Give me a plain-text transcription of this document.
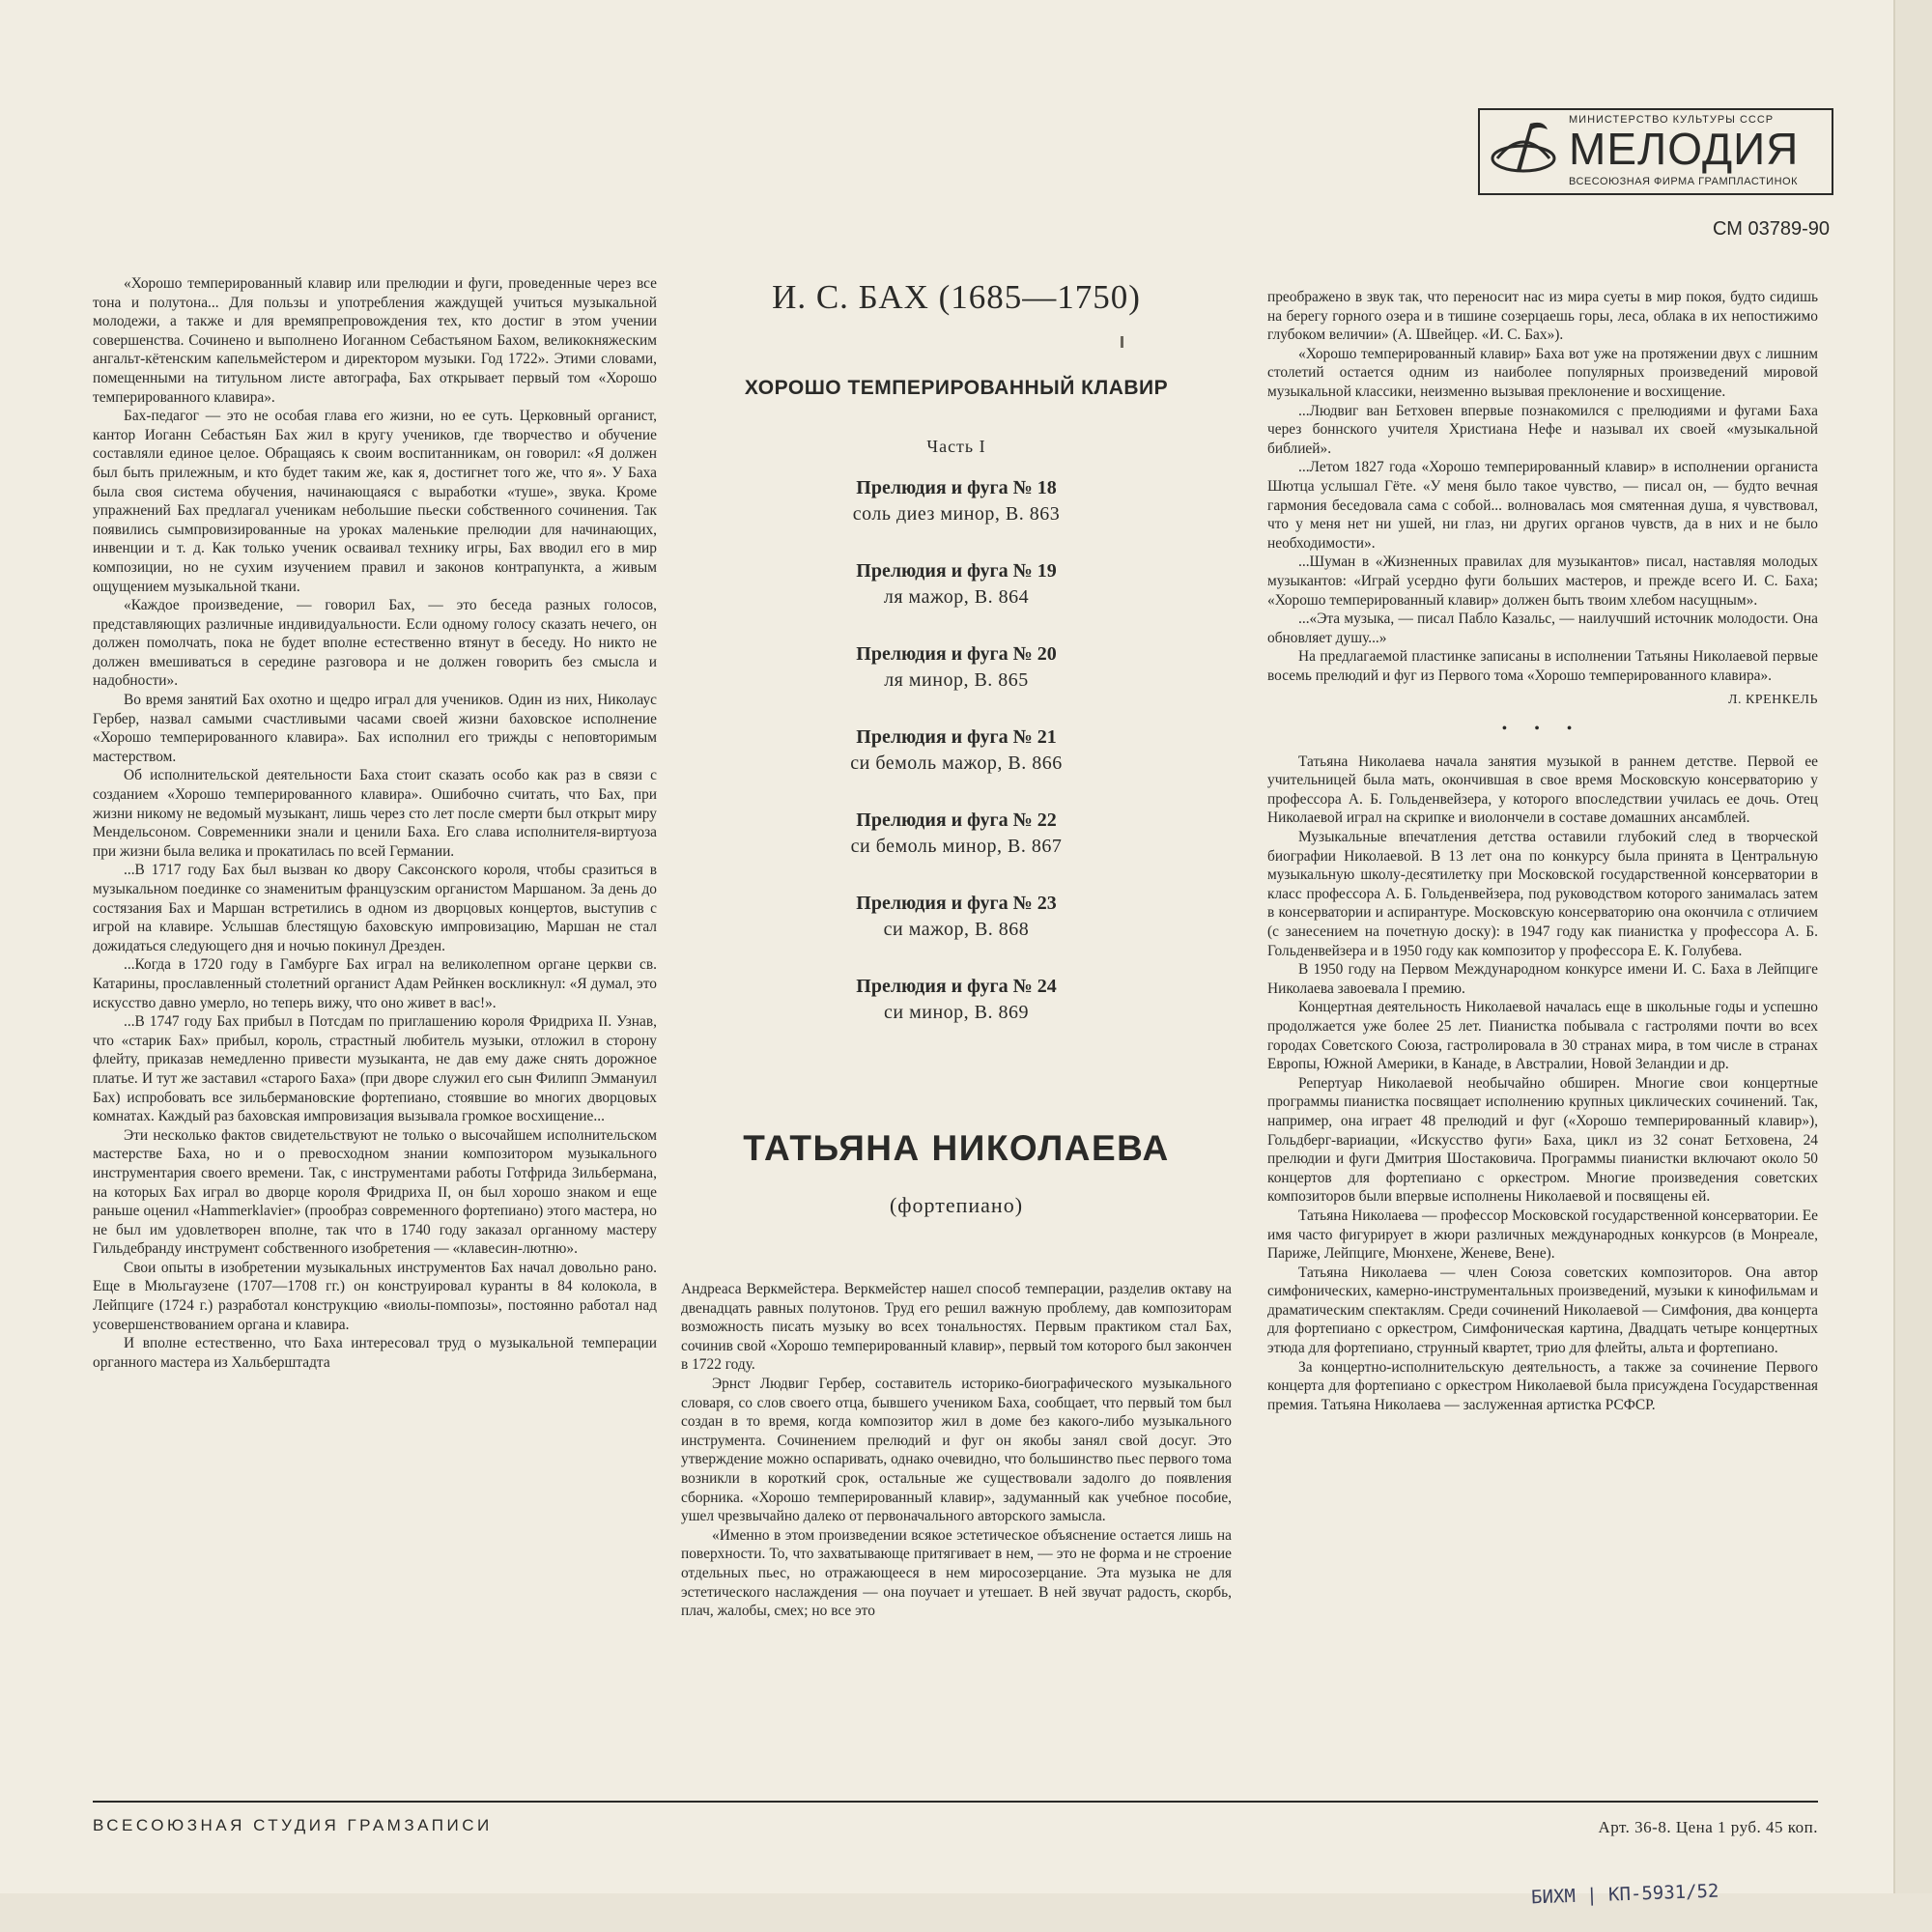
МИНИСТЕРСТВО КУЛЬТУРЫ СССР
МЕЛОДИЯ
ВСЕСОЮЗНАЯ ФИРМА ГРАМПЛАСТИНОК
СМ 03789-90

«Хорошо темперированный клавир или прелюдии и фуги, проведенные через все тона и полутона... Для пользы и употребления жаждущей учиться музыкальной молодежи, а также и для времяпрепровождения тех, кто достиг в этом учении совершенства. Сочинено и выполнено Иоганном Себастьяном Бахом, великокняжеским ангальт-кётенским капельмейстером и директором музыки. Год 1722». Этими словами, помещенными на титульном листе автографа, Бах открывает первый том «Хорошо темперированного клавира».

Бах-педагог — это не особая глава его жизни, но ее суть. Церковный органист, кантор Иоганн Себастьян Бах жил в кругу учеников, где творчество и обучение составляли единое целое. Обращаясь к своим воспитанникам, он говорил: «Я должен был быть прилежным, и кто будет таким же, как я, достигнет того же, что я». У Баха была своя система обучения, начинающаяся с выработки «туше», звука. Кроме упражнений Бах предлагал ученикам небольшие пьески собственного сочинения. Так появились сымпровизированные на уроках маленькие прелюдии для начинающих, инвенции и т. д. Как только ученик осваивал технику игры, Бах вводил его в мир композиции, но не сухим изучением правил и законов контрапункта, а живым ощущением музыкальной ткани.

«Каждое произведение, — говорил Бах, — это беседа разных голосов, представляющих различные индивидуальности. Если одному голосу сказать нечего, он должен помолчать, пока не будет вполне естественно втянут в беседу. Но никто не должен вмешиваться в середине разговора и не должен говорить без смысла и надобности».

Во время занятий Бах охотно и щедро играл для учеников. Один из них, Николаус Гербер, назвал самыми счастливыми часами своей жизни баховское исполнение «Хорошо темперированного клавира». Бах исполнил его трижды с неповторимым мастерством.

Об исполнительской деятельности Баха стоит сказать особо как раз в связи с созданием «Хорошо темперированного клавира». Ошибочно считать, что Бах, при жизни никому не ведомый музыкант, лишь через сто лет после смерти был открыт миру Мендельсоном. Современники знали и ценили Баха. Его слава исполнителя-виртуоза при жизни была велика и прокатилась по всей Германии.

...В 1717 году Бах был вызван ко двору Саксонского короля, чтобы сразиться в музыкальном поединке со знаменитым французским органистом Маршаном. За день до состязания Бах и Маршан встретились в одном из дворцовых концертов, выступив с игрой на клавире. Услышав блестящую баховскую импровизацию, Маршан не стал дожидаться следующего дня и ночью покинул Дрезден.

...Когда в 1720 году в Гамбурге Бах играл на великолепном органе церкви св. Катарины, прославленный столетний органист Адам Рейнкен воскликнул: «Я думал, это искусство давно умерло, но теперь вижу, что оно живет в вас!».

...В 1747 году Бах прибыл в Потсдам по приглашению короля Фридриха II. Узнав, что «старик Бах» прибыл, король, страстный любитель музыки, отложил в сторону флейту, приказав немедленно привести музыканта, не дав ему даже снять дорожное платье. И тут же заставил «старого Баха» (при дворе служил его сын Филипп Эммануил Бах) испробовать все зильбермановские фортепиано, стоявшие во многих дворцовых комнатах. Каждый раз баховская импровизация вызывала громкое восхищение...

Эти несколько фактов свидетельствуют не только о высочайшем исполнительском мастерстве Баха, но и о превосходном знании композитором музыкального инструментария своего времени. Так, с инструментами работы Готфрида Зильбермана, на которых Бах играл во дворце короля Фридриха II, он был хорошо знаком и еще раньше оценил «Hammerklavier» (прообраз современного фортепиано) этого мастера, но не был им удовлетворен вполне, так что в 1740 году заказал органному мастеру Гильдебранду инструмент собственного изобретения — «клавесин-лютню».

Свои опыты в изобретении музыкальных инструментов Бах начал довольно рано. Еще в Мюльгаузене (1707—1708 гг.) он конструировал куранты в 84 колокола, в Лейпциге (1724 г.) разработал конструкцию «виолы-помпозы», постоянно работал над усовершенствованием органа и клавира.

И вполне естественно, что Баха интересовал труд о музыкальной темперации органного мастера из Хальберштадта

И. С. БАХ (1685—1750)
ХОРОШО ТЕМПЕРИРОВАННЫЙ КЛАВИР
Часть I
Прелюдия и фуга № 18
соль диез минор, В. 863
Прелюдия и фуга № 19
ля мажор, В. 864
Прелюдия и фуга № 20
ля минор, В. 865
Прелюдия и фуга № 21
си бемоль мажор, В. 866
Прелюдия и фуга № 22
си бемоль минор, В. 867
Прелюдия и фуга № 23
си мажор, В. 868
Прелюдия и фуга № 24
си минор, В. 869
ТАТЬЯНА НИКОЛАЕВА
(фортепиано)

Андреаса Веркмейстера. Веркмейстер нашел способ темперации, разделив октаву на двенадцать равных полутонов. Труд его решил важную проблему, дав композиторам возможность писать музыку во всех тональностях. Первым практиком стал Бах, сочинив свой «Хорошо темперированный клавир», первый том которого был закончен в 1722 году.

Эрнст Людвиг Гербер, составитель историко-биографического музыкального словаря, со слов своего отца, бывшего учеником Баха, сообщает, что первый том был создан в то время, когда композитор жил в доме без какого-либо музыкального инструмента. Сочинением прелюдий и фуг он якобы занял свой досуг. Это утверждение можно оспаривать, однако очевидно, что большинство пьес первого тома возникли в короткий срок, остальные же существовали задолго до появления сборника. «Хорошо темперированный клавир», задуманный как учебное пособие, ушел чрезвычайно далеко от первоначального авторского замысла.

«Именно в этом произведении всякое эстетическое объяснение остается лишь на поверхности. То, что захватывающе притягивает в нем, — это не форма и не строение отдельных пьес, но отражающееся в нем миросозерцание. Эта музыка не для эстетического наслаждения — она поучает и утешает. В ней звучат радость, скорбь, плач, жалобы, смех; но все это

преображено в звук так, что переносит нас из мира суеты в мир покоя, будто сидишь на берегу горного озера и в тишине созерцаешь горы, леса, облака в их непостижимо глубоком величии» (А. Швейцер. «И. С. Бах»).

«Хорошо темперированный клавир» Баха вот уже на протяжении двух с лишним столетий остается одним из наиболее популярных произведений мировой музыкальной классики, неизменно вызывая преклонение и восхищение.

...Людвиг ван Бетховен впервые познакомился с прелюдиями и фугами Баха через боннского учителя Христиана Нефе и называл их своей «музыкальной библией».

...Летом 1827 года «Хорошо темперированный клавир» в исполнении органиста Шютца услышал Гёте. «У меня было такое чувство, — писал он, — будто вечная гармония беседовала сама с собой... волновалась моя смятенная душа, я чувствовал, что у меня нет ни ушей, ни глаз, ни других органов чувств, да в них и не было необходимости».

...Шуман в «Жизненных правилах для музыкантов» писал, наставляя молодых музыкантов: «Играй усердно фуги больших мастеров, и прежде всего И. С. Баха; «Хорошо темперированный клавир» должен быть твоим хлебом насущным».

...«Эта музыка, — писал Пабло Казальс, — наилучший источник молодости. Она обновляет душу...»

На предлагаемой пластинке записаны в исполнении Татьяны Николаевой первые восемь прелюдий и фуг из Первого тома «Хорошо темперированного клавира».

Л. КРЕНКЕЛЬ
• • •

Татьяна Николаева начала занятия музыкой в раннем детстве. Первой ее учительницей была мать, окончившая в свое время Московскую консерваторию у профессора А. Б. Гольденвейзера, у которого впоследствии училась ее дочь. Отец Николаевой играл на скрипке и виолончели в составе домашних ансамблей.

Музыкальные впечатления детства оставили глубокий след в творческой биографии Николаевой. В 13 лет она по конкурсу была принята в Центральную музыкальную школу-десятилетку при Московской государственной консерватории в класс профессора А. Б. Гольденвейзера, под руководством которого занималась затем в консерватории и аспирантуре. Московскую консерваторию она окончила с отличием (с занесением на почетную доску): в 1947 году как пианистка у профессора А. Б. Гольденвейзера и в 1950 году как композитор у профессора Е. К. Голубева.

В 1950 году на Первом Международном конкурсе имени И. С. Баха в Лейпциге Николаева завоевала I премию.

Концертная деятельность Николаевой началась еще в школьные годы и успешно продолжается уже более 25 лет. Пианистка побывала с гастролями почти во всех городах Советского Союза, гастролировала в 30 странах мира, в том числе в странах Европы, Южной Америки, в Канаде, в Австралии, Новой Зеландии и др.

Репертуар Николаевой необычайно обширен. Многие свои концертные программы пианистка посвящает исполнению крупных циклических сочинений. Так, например, она играет 48 прелюдий и фуг («Хорошо темперированный клавир»), Гольдберг-вариации, «Искусство фуги» Баха, цикл из 32 сонат Бетховена, 24 прелюдии и фуги Дмитрия Шостаковича. Программы пианистки включают около 50 концертов для фортепиано с оркестром. Многие произведения советских композиторов были впервые исполнены Николаевой и посвящены ей.

Татьяна Николаева — профессор Московской государственной консерватории. Ее имя часто фигурирует в жюри различных международных конкурсов (в Монреале, Париже, Лейпциге, Мюнхене, Женеве, Вене).

Татьяна Николаева — член Союза советских композиторов. Она автор симфонических, камерно-инструментальных произведений, музыки к кинофильмам и драматическим спектаклям. Среди сочинений Николаевой — Симфония, два концерта для фортепиано с оркестром, Симфоническая картина, Двадцать четыре концертных этюда для фортепиано, струнный квартет, трио для флейты, альта и фортепиано.

За концертно-исполнительскую деятельность, а также за сочинение Первого концерта для фортепиано с оркестром Николаевой была присуждена Государственная премия. Татьяна Николаева — заслуженная артистка РСФСР.

ВСЕСОЮЗНАЯ СТУДИЯ ГРАМЗАПИСИ	Арт. 36-8. Цена 1 руб. 45 коп.
БИХМ | КП-5931/52
